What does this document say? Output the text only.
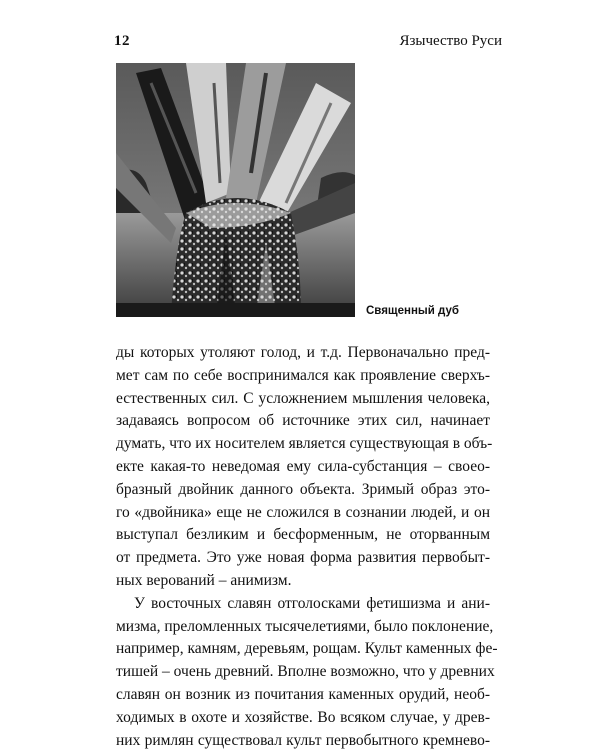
12	Язычество Руси
Священный дуб
ды которых утоляют голод, и т.д. Первоначально пред-
мет сам по себе воспринимался как проявление сверхъ-
естественных сил. С усложнением мышления человека,
задаваясь вопросом об источнике этих сил, начинает
думать, что их носителем является существующая в объ-
екте какая-то неведомая ему сила-субстанция – своео-
бразный двойник данного объекта. Зримый образ это-
го «двойника» еще не сложился в сознании людей, и он
выступал безликим и бесформенным, не оторванным
от предмета. Это уже новая форма развития первобыт-
ных верований – анимизм.
У восточных славян отголосками фетишизма и ани-
мизма, преломленных тысячелетиями, было поклонение,
например, камням, деревьям, рощам. Культ каменных фе-
тишей – очень древний. Вполне возможно, что у древних
славян он возник из почитания каменных орудий, необ-
ходимых в охоте и хозяйстве. Во всяком случае, у древ-
них римлян существовал культ первобытного кремнево-
